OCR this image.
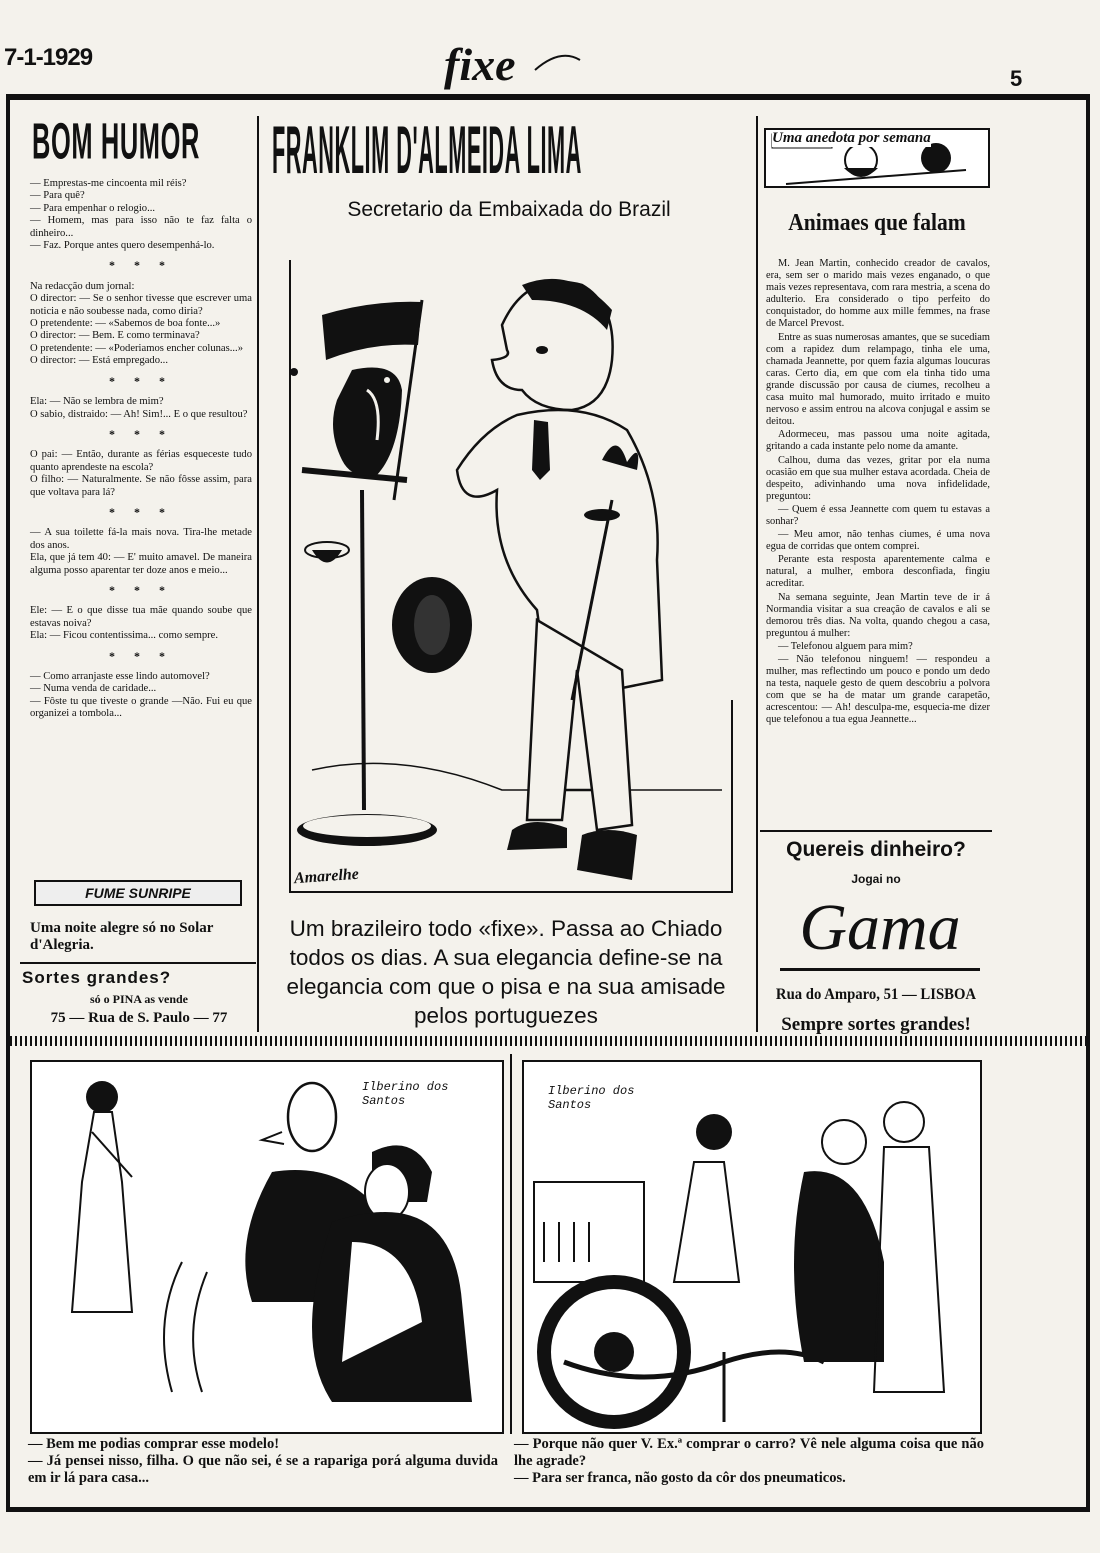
7-1-1929	fixe	5
BOM HUMOR

— Emprestas-me cincoenta mil réis?

— Para quê?

— Para empenhar o relogio...

— Homem, mas para isso não te faz falta o dinheiro...

— Faz. Porque antes quero desempenhá-lo.

* * *

Na redacção dum jornal:

O director: — Se o senhor tivesse que escrever uma noticia e não soubesse nada, como diria?

O pretendente: — «Sabemos de boa fonte...»

O director: — Bem. E como terminava?

O pretendente: — «Poderiamos encher colunas...»

O director: — Está empregado...

* * *

Ela: — Não se lembra de mim?

O sabio, distraido: — Ah! Sim!... E o que resultou?

* * *

O pai: — Então, durante as férias esqueceste tudo quanto aprendeste na escola?

O filho: — Naturalmente. Se não fôsse assim, para que voltava para lá?

* * *

— A sua toilette fá-la mais nova. Tira-lhe metade dos anos.

Ela, que já tem 40: — E' muito amavel. De maneira alguma posso aparentar ter doze anos e meio...

* * *

Ele: — E o que disse tua mãe quando soube que estavas noiva?

Ela: — Ficou contentissima... como sempre.

* * *

— Como arranjaste esse lindo automovel?

— Numa venda de caridade...

— Fôste tu que tiveste o grande —Não. Fui eu que organizei a tombola...

FUME SUNRIPE
Uma noite alegre só no Solar d'Alegria.
Sortes grandes?
só o PINA as vende
75 — Rua de S. Paulo — 77
FRANKLIM D'ALMEIDA LIMA
Secretario da Embaixada do Brazil
Amarelhe
Um brazileiro todo «fixe». Passa ao Chiado todos os dias. A sua elegancia define-se na elegancia com que o pisa e na sua amisade pelos portuguezes
Uma anedota por semana
Animaes que falam

M. Jean Martin, conhecido creador de cavalos, era, sem ser o marido mais vezes enganado, o que mais vezes representava, com rara mestria, a scena do adulterio. Era considerado o tipo perfeito do conquistador, do homme aux mille femmes, na frase de Marcel Prevost.

Entre as suas numerosas amantes, que se sucediam com a rapidez dum relampago, tinha ele uma, chamada Jeannette, por quem fazia algumas loucuras caras. Certo dia, em que com ela tinha tido uma grande discussão por causa de ciumes, recolheu a casa muito mal humorado, muito irritado e muito nervoso e assim entrou na alcova conjugal e assim se deitou.

Adormeceu, mas passou uma noite agitada, gritando a cada instante pelo nome da amante.

Calhou, duma das vezes, gritar por ela numa ocasião em que sua mulher estava acordada. Cheia de despeito, adivinhando uma nova infidelidade, preguntou:

— Quem é essa Jeannette com quem tu estavas a sonhar?

— Meu amor, não tenhas ciumes, é uma nova egua de corridas que ontem comprei.

Perante esta resposta aparentemente calma e natural, a mulher, embora desconfiada, fingiu acreditar.

Na semana seguinte, Jean Martin teve de ir á Normandia visitar a sua creação de cavalos e ali se demorou três dias. Na volta, quando chegou a casa, preguntou á mulher:

— Telefonou alguem para mim?

— Não telefonou ninguem! — respondeu a mulher, mas reflectindo um pouco e pondo um dedo na testa, naquele gesto de quem descobriu a polvora com que se ha de matar um grande carapetão, acrescentou: — Ah! desculpa-me, esquecia-me dizer que telefonou a tua egua Jeannette...

Quereis dinheiro?
Jogai no
Gama
Rua do Amparo, 51 — LISBOA
Sempre sortes grandes!
Ilberino dos Santos
— Bem me podias comprar esse modelo!
— Já pensei nisso, filha. O que não sei, é se a rapariga porá alguma duvida em ir lá para casa...
Ilberino dos Santos
— Porque não quer V. Ex.ª comprar o carro? Vê nele alguma coisa que não lhe agrade?
— Para ser franca, não gosto da côr dos pneumaticos.
